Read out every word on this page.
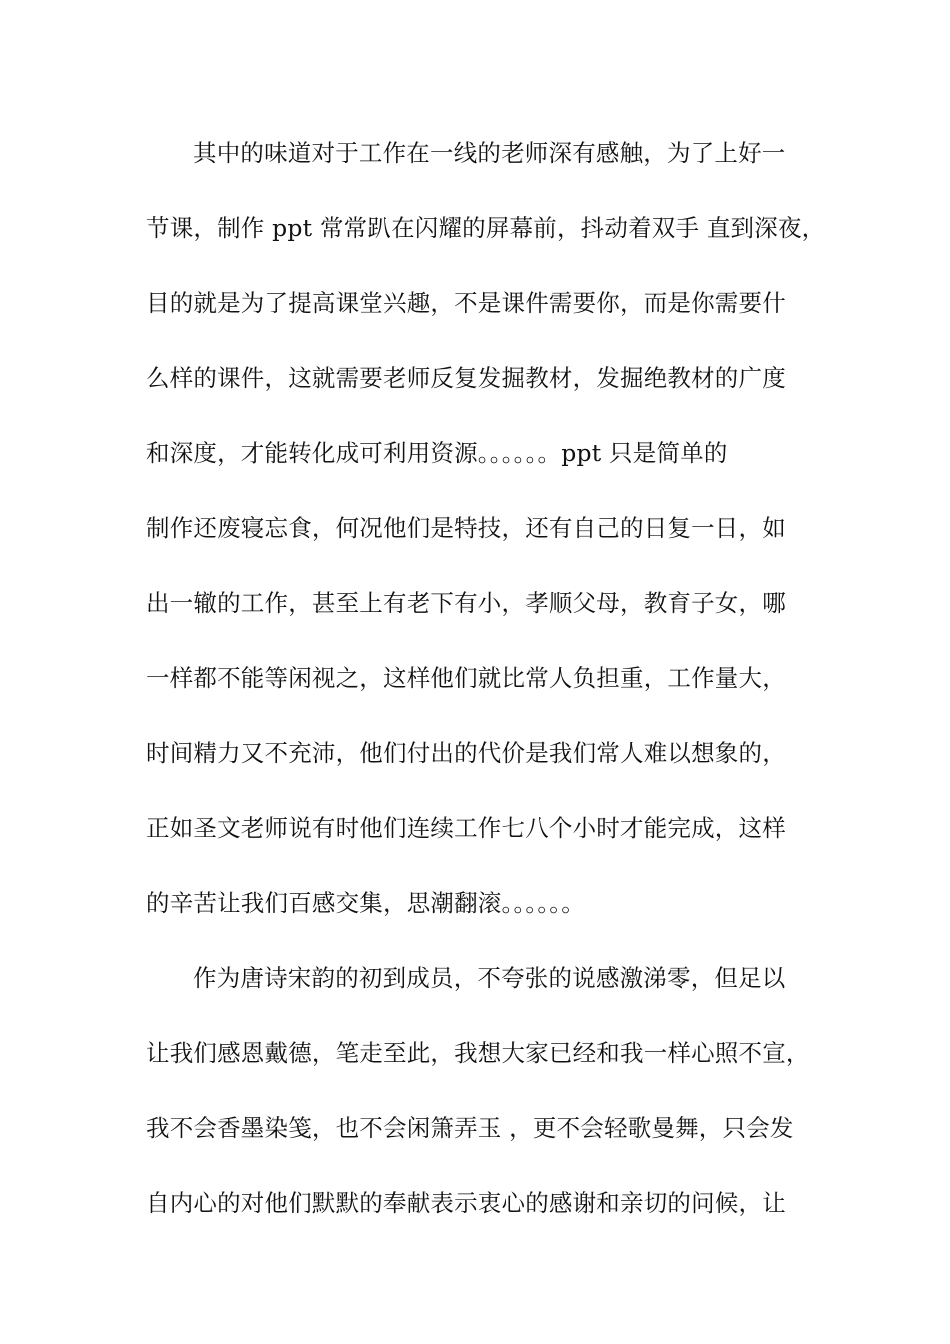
其中的味道对于工作在一线的老师深有感触，为了上好一
节课，制作 ppt 常常趴在闪耀的屏幕前，抖动着双手 直到深夜，
目的就是为了提高课堂兴趣，不是课件需要你，而是你需要什
么样的课件，这就需要老师反复发掘教材，发掘绝教材的广度
和深度，才能转化成可利用资源。。。。。。ppt 只是简单的
制作还废寝忘食，何况他们是特技，还有自己的日复一日，如
出一辙的工作，甚至上有老下有小，孝顺父母，教育子女，哪
一样都不能等闲视之，这样他们就比常人负担重，工作量大，
时间精力又不充沛，他们付出的代价是我们常人难以想象的，
正如圣文老师说有时他们连续工作七八个小时才能完成，这样
的辛苦让我们百感交集，思潮翻滚。。。。。。
作为唐诗宋韵的初到成员，不夸张的说感激涕零，但足以
让我们感恩戴德，笔走至此，我想大家已经和我一样心照不宣，
我不会香墨染笺，也不会闲箫弄玉 ，更不会轻歌曼舞，只会发
自内心的对他们默默的奉献表示衷心的感谢和亲切的问候，让
